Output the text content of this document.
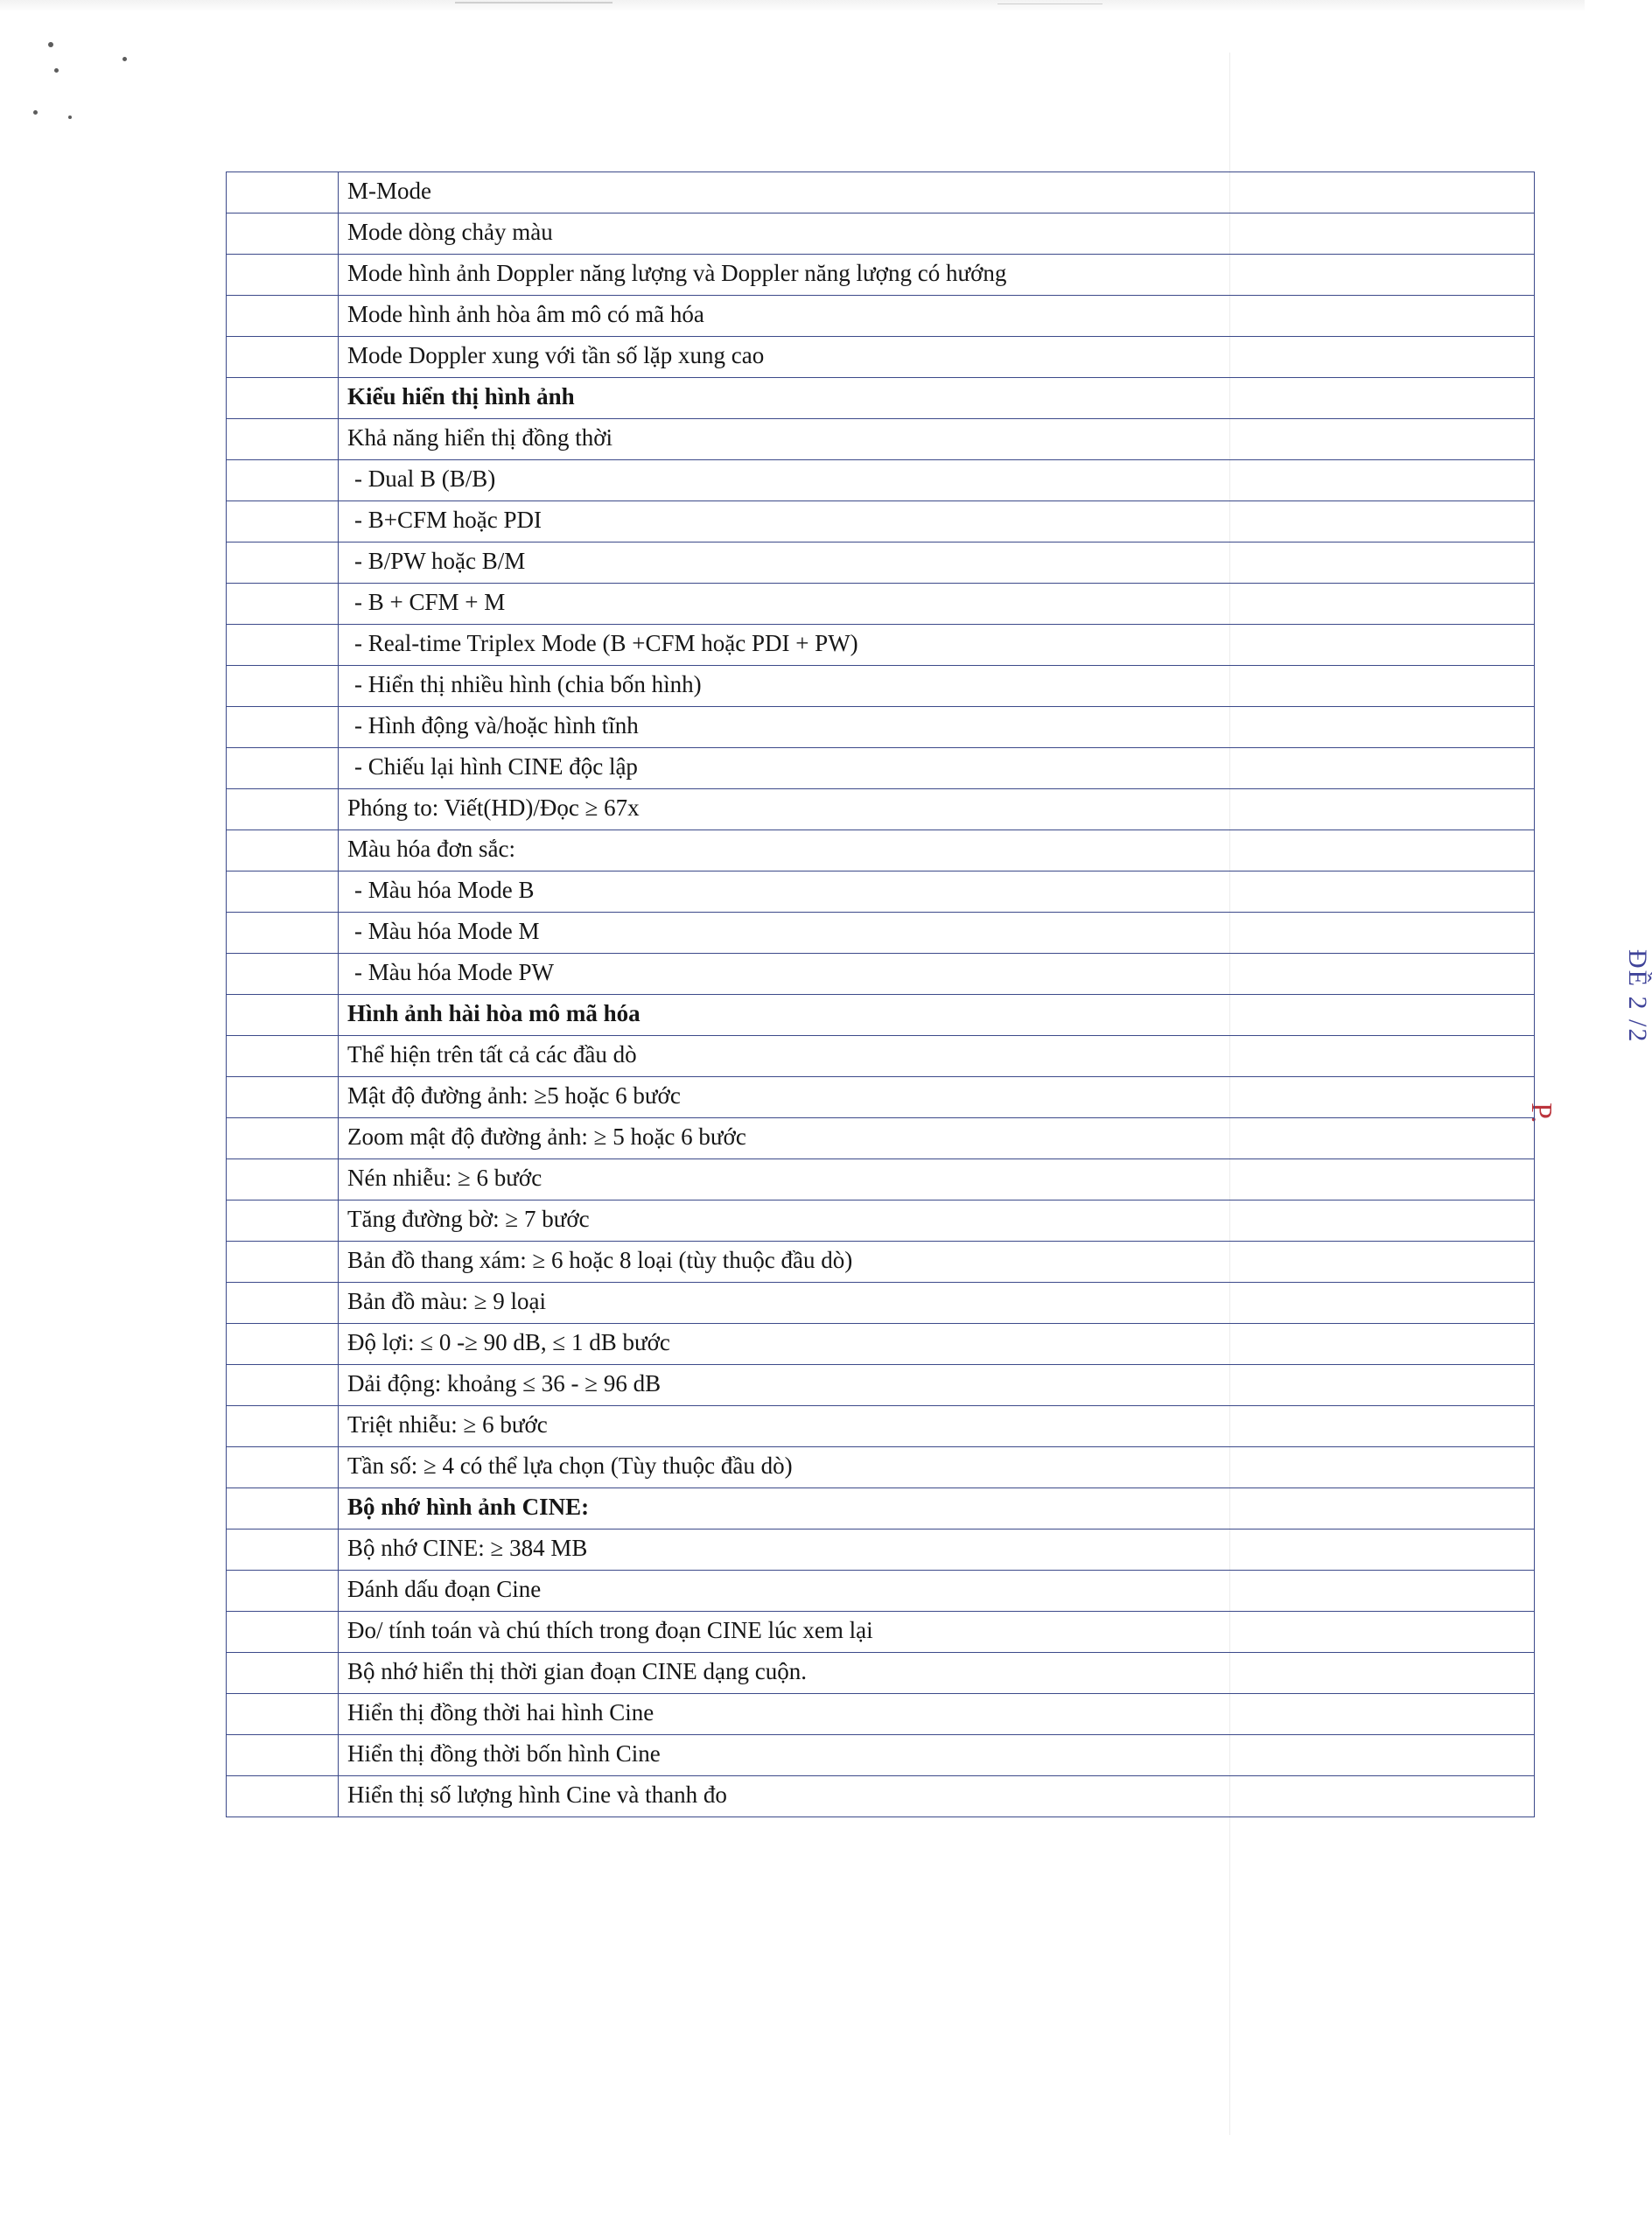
ĐỀ 2 /2
P.
	M-Mode
	Mode dòng chảy màu
	Mode hình ảnh Doppler năng lượng và Doppler năng lượng có hướng
	Mode hình ảnh hòa âm mô có mã hóa
	Mode Doppler xung với tần số lặp xung cao
	Kiểu hiển thị hình ảnh
	Khả năng hiển thị đồng thời
	- Dual B (B/B)
	- B+CFM hoặc PDI
	- B/PW hoặc B/M
	- B + CFM + M
	- Real-time Triplex Mode (B +CFM hoặc PDI + PW)
	- Hiển thị nhiều hình (chia bốn hình)
	- Hình động và/hoặc hình tĩnh
	- Chiếu lại hình CINE độc lập
	Phóng to: Viết(HD)/Đọc ≥ 67x
	Màu hóa đơn sắc:
	- Màu hóa Mode B
	- Màu hóa Mode M
	- Màu hóa Mode PW
	Hình ảnh hài hòa mô mã hóa
	Thể hiện trên tất cả các đầu dò
	Mật độ đường ảnh: ≥5 hoặc 6 bước
	Zoom mật độ đường ảnh: ≥ 5 hoặc 6 bước
	Nén nhiễu: ≥ 6 bước
	Tăng đường bờ: ≥ 7 bước
	Bản đồ thang xám: ≥ 6 hoặc 8 loại (tùy thuộc đầu dò)
	Bản đồ màu: ≥ 9 loại
	Độ lợi: ≤ 0 -≥ 90 dB, ≤ 1 dB bước
	Dải động: khoảng ≤ 36 - ≥ 96 dB
	Triệt nhiễu: ≥ 6 bước
	Tần số: ≥ 4 có thể lựa chọn (Tùy thuộc đầu dò)
	Bộ nhớ hình ảnh CINE:
	Bộ nhớ CINE: ≥ 384 MB
	Đánh dấu đoạn Cine
	Đo/ tính toán và chú thích trong đoạn CINE lúc xem lại
	Bộ nhớ hiển thị thời gian đoạn CINE dạng cuộn.
	Hiển thị đồng thời hai hình Cine
	Hiển thị đồng thời bốn hình Cine
	Hiển thị số lượng hình Cine và thanh đo
